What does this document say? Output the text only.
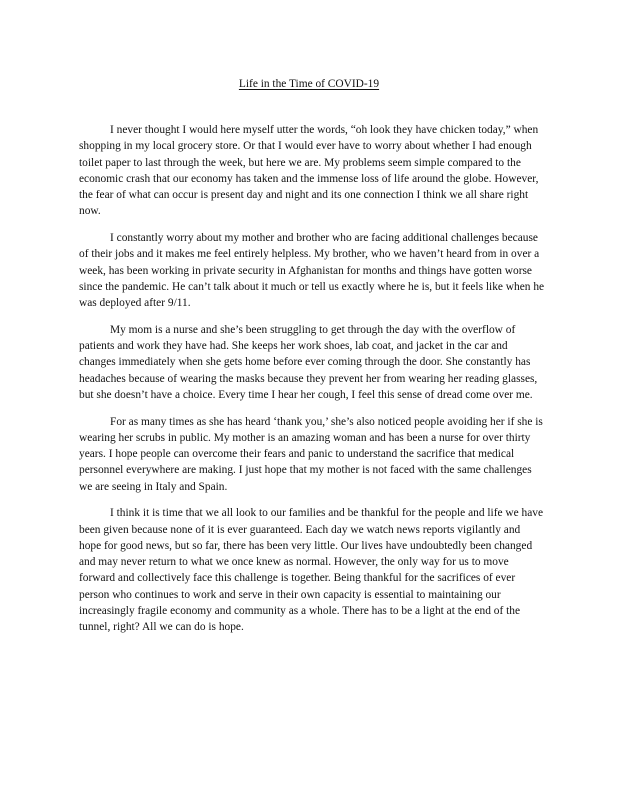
Life in the Time of COVID-19

I never thought I would here myself utter the words, “oh look they have chicken today,” when shopping in my local grocery store. Or that I would ever have to worry about whether I had enough toilet paper to last through the week, but here we are. My problems seem simple compared to the economic crash that our economy has taken and the immense loss of life around the globe. However, the fear of what can occur is present day and night and its one connection I think we all share right now.

I constantly worry about my mother and brother who are facing additional challenges because of their jobs and it makes me feel entirely helpless. My brother, who we haven’t heard from in over a week, has been working in private security in Afghanistan for months and things have gotten worse since the pandemic. He can’t talk about it much or tell us exactly where he is, but it feels like when he was deployed after 9/11.

My mom is a nurse and she’s been struggling to get through the day with the overflow of patients and work they have had. She keeps her work shoes, lab coat, and jacket in the car and changes immediately when she gets home before ever coming through the door. She constantly has headaches because of wearing the masks because they prevent her from wearing her reading glasses, but she doesn’t have a choice. Every time I hear her cough, I feel this sense of dread come over me.

For as many times as she has heard ‘thank you,’ she’s also noticed people avoiding her if she is wearing her scrubs in public. My mother is an amazing woman and has been a nurse for over thirty years. I hope people can overcome their fears and panic to understand the sacrifice that medical personnel everywhere are making. I just hope that my mother is not faced with the same challenges we are seeing in Italy and Spain.

I think it is time that we all look to our families and be thankful for the people and life we have been given because none of it is ever guaranteed. Each day we watch news reports vigilantly and hope for good news, but so far, there has been very little. Our lives have undoubtedly been changed and may never return to what we once knew as normal. However, the only way for us to move forward and collectively face this challenge is together. Being thankful for the sacrifices of ever person who continues to work and serve in their own capacity is essential to maintaining our increasingly fragile economy and community as a whole. There has to be a light at the end of the tunnel, right? All we can do is hope.
